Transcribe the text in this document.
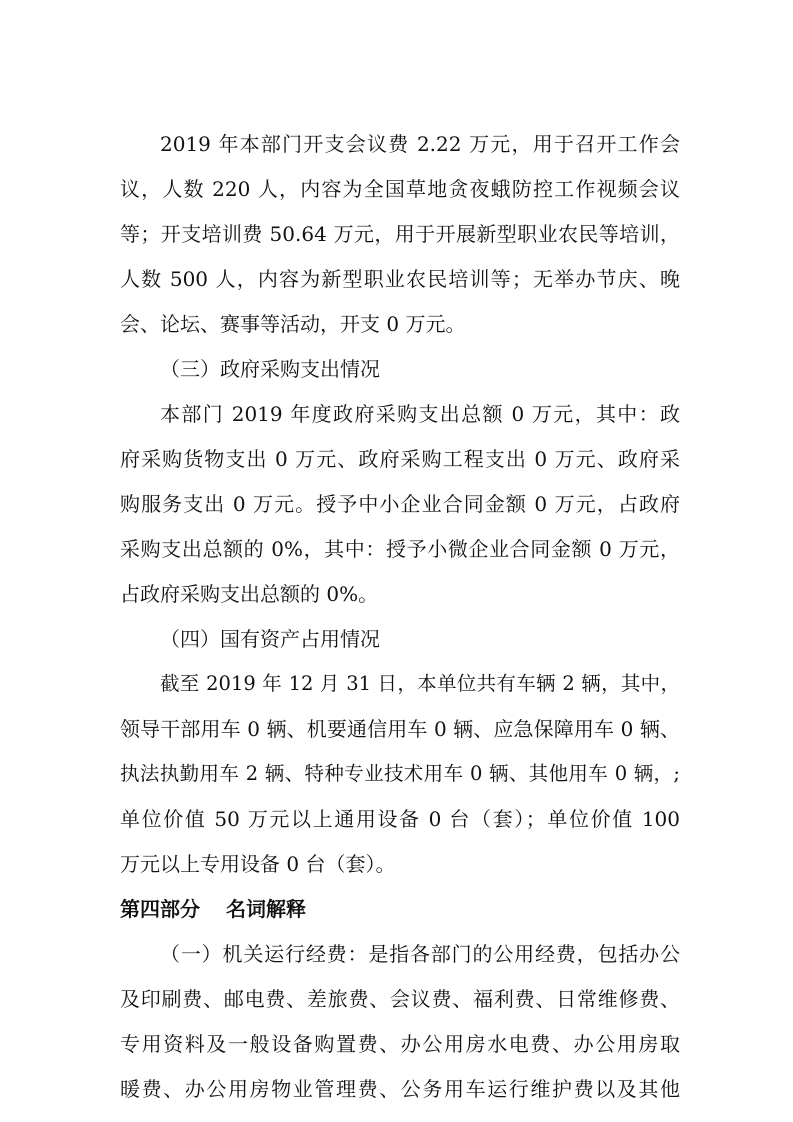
2019 年本部门开支会议费 2.22 万元，用于召开工作会
议，人数 220 人，内容为全国草地贪夜蛾防控工作视频会议
等；开支培训费 50.64 万元，用于开展新型职业农民等培训，
人数 500 人，内容为新型职业农民培训等；无举办节庆、晚
会、论坛、赛事等活动，开支 0 万元。
（三）政府采购支出情况
本部门 2019 年度政府采购支出总额 0 万元，其中：政
府采购货物支出 0 万元、政府采购工程支出 0 万元、政府采
购服务支出 0 万元。授予中小企业合同金额 0 万元，占政府
采购支出总额的 0%，其中：授予小微企业合同金额 0 万元，
占政府采购支出总额的 0%。
（四）国有资产占用情况
截至 2019 年 12 月 31 日，本单位共有车辆 2 辆，其中，
领导干部用车 0 辆、机要通信用车 0 辆、应急保障用车 0 辆、
执法执勤用车 2 辆、特种专业技术用车 0 辆、其他用车 0 辆，;
单位价值 50 万元以上通用设备 0 台（套）；单位价值 100
万元以上专用设备 0 台（套）。
第四部分 名词解释
（一）机关运行经费：是指各部门的公用经费，包括办公
及印刷费、邮电费、差旅费、会议费、福利费、日常维修费、
专用资料及一般设备购置费、办公用房水电费、办公用房取
暖费、办公用房物业管理费、公务用车运行维护费以及其他
